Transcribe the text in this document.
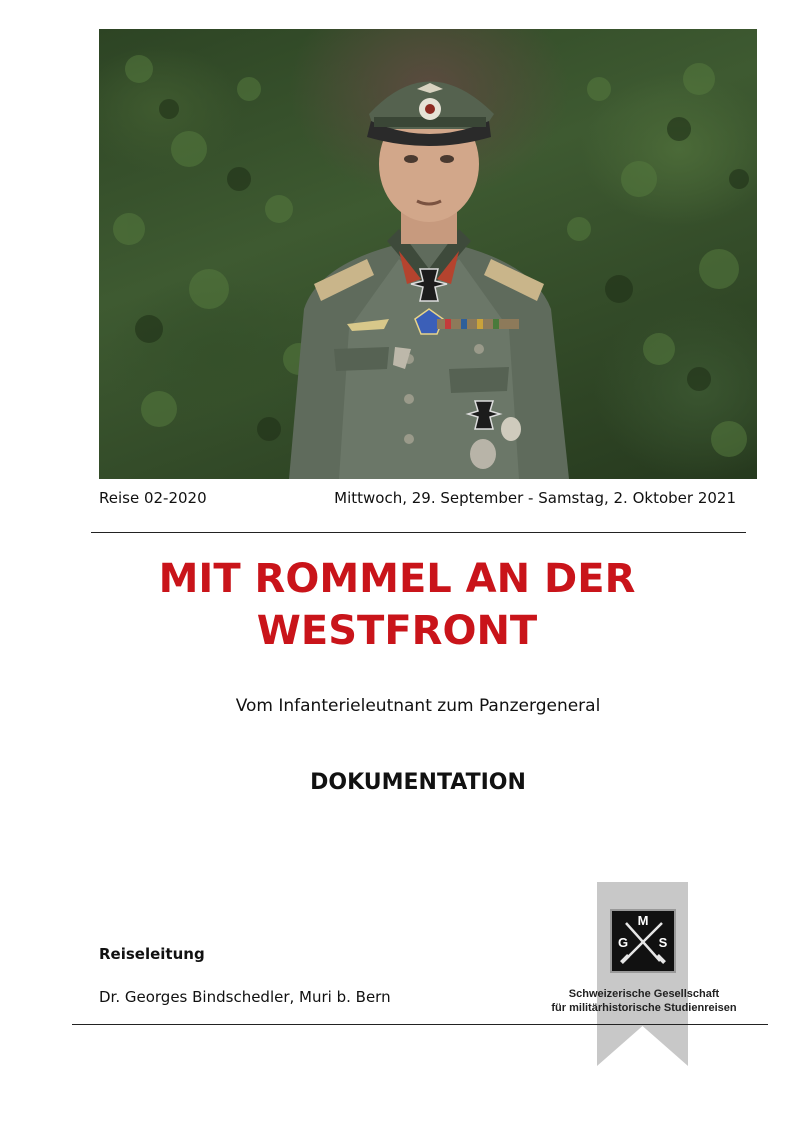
Reise 02-2020	Mittwoch, 29. September - Samstag, 2. Oktober 2021
MIT ROMMEL AN DER
WESTFRONT
Vom Infanterieleutnant zum Panzergeneral
DOKUMENTATION
Reiseleitung
Dr. Georges Bindschedler, Muri b. Bern
M
G S
Schweizerische Gesellschaft
für militärhistorische Studienreisen
